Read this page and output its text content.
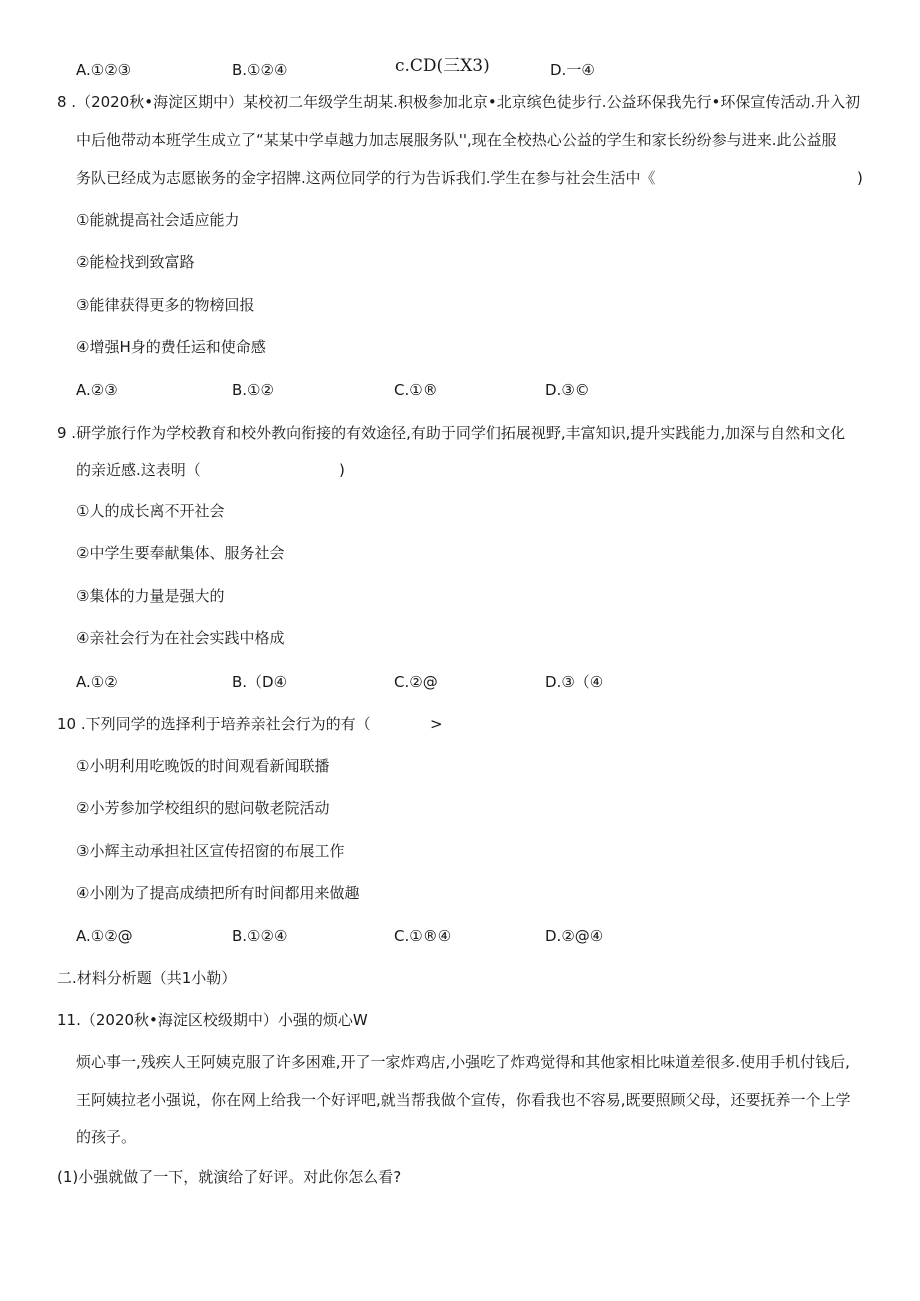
A.①②③	B.①②④	c.CD(三X3)	D.一④
8 .（2020秋•海淀区期中）某校初二年级学生胡某.积极参加北京•北京缤色徒步行.公益环保我先行•环保宣传活动.升入初
中后他带动本班学生成立了“某某中学卓越力加志展服务队'',现在全校热心公益的学生和家长纷纷参与进来.此公益服
务队已经成为志愿嵌务的金字招牌.这两位同学的行为告诉我们.学生在参与社会生活中《	)
①能就提高社会适应能力
②能检找到致富路
③能律获得更多的物榜回报
④增强H身的费任运和使命感
A.②③	B.①②	C.①®	D.③©
9 .研学旅行作为学校教育和校外教向衔接的有效途径,有助于同学们拓展视野,丰富知识,提升实践能力,加深与自然和文化
的亲近感.这表明（	)
①人的成长离不开社会
②中学生要奉献集体、服务社会
③集体的力量是强大的
④亲社会行为在社会实践中格成
A.①②	B.（D④	C.②@	D.③（④
10 .下列同学的选择利于培养亲社会行为的有（	>
①小明利用吃晚饭的时间观看新闻联播
②小芳参加学校组织的慰问敬老院活动
③小辉主动承担社区宣传招窗的布展工作
④小刚为了提高成绩把所有时间都用来做趣
A.①②@	B.①②④	C.①®④	D.②@④
二.材料分析题（共1小勒）
11.（2020秋•海淀区校级期中）小强的烦心W
烦心事一,残疾人王阿姨克服了许多困难,开了一家炸鸡店,小强吃了炸鸡觉得和其他家相比味道差很多.使用手机付钱后,
王阿姨拉老小强说，你在网上给我一个好评吧,就当帮我做个宣传，你看我也不容易,既要照顾父母，还要抚养一个上学
的孩子。
(1)小强就做了一下，就演给了好评。对此你怎么看?
